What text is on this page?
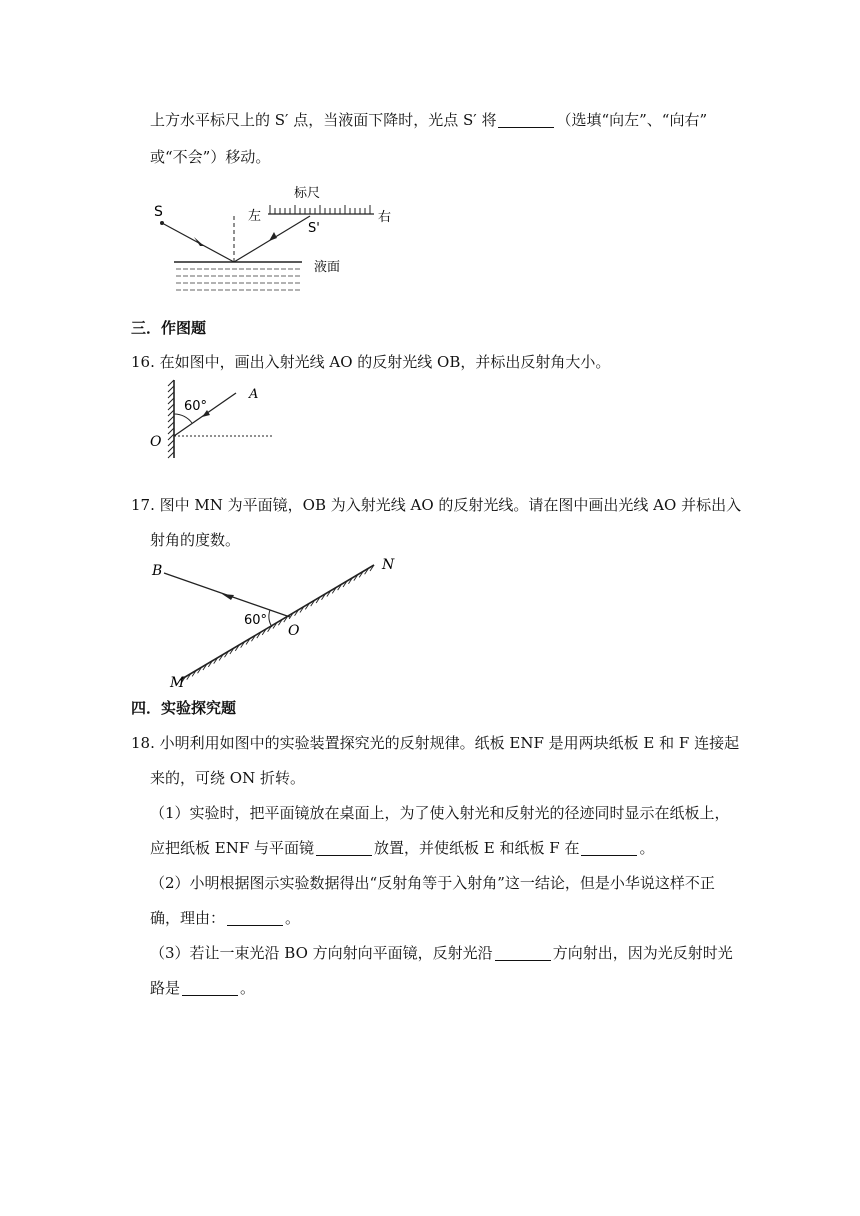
上方水平标尺上的 S′ 点，当液面下降时，光点 S′ 将	（选填“向左”、“向右”
或“不会”）移动。
标尺
左	右
S
S'
液面
三．作图题
16. 在如图中，画出入射光线 AO 的反射光线 OB，并标出反射角大小。
60°
A
O
17. 图中 MN 为平面镜，OB 为入射光线 AO 的反射光线。请在图中画出光线 AO 并标出入
射角的度数。
60°
B	N
M
O
四．实验探究题
18. 小明利用如图中的实验装置探究光的反射规律。纸板 ENF 是用两块纸板 E 和 F 连接起
来的，可绕 ON 折转。
（1）实验时，把平面镜放在桌面上，为了使入射光和反射光的径迹同时显示在纸板上，
应把纸板 ENF 与平面镜	放置，并使纸板 E 和纸板 F 在	。
（2）小明根据图示实验数据得出“反射角等于入射角”这一结论，但是小华说这样不正
确，理由：	。
（3）若让一束光沿 BO 方向射向平面镜，反射光沿	方向射出，因为光反射时光
路是	。
